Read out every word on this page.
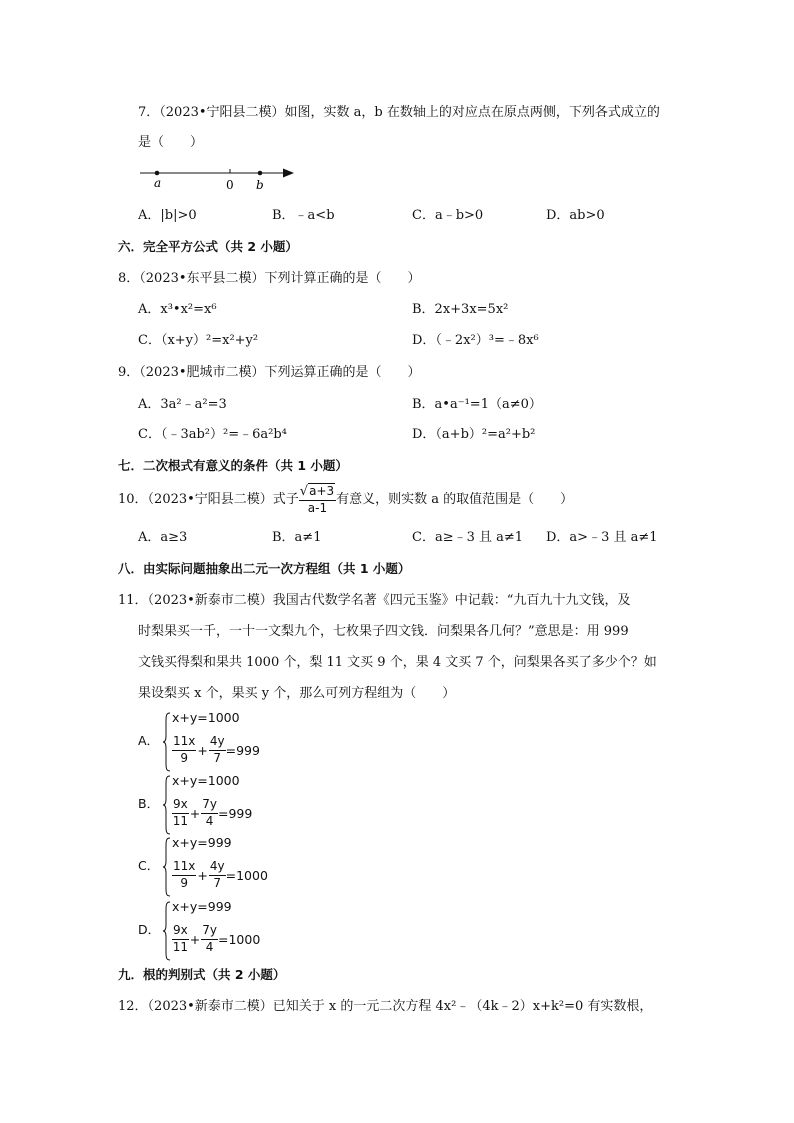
7．（2023•宁阳县二模）如图，实数 a，b 在数轴上的对应点在原点两侧，下列各式成立的
是（　　）
a	0 b
A．|b|>0	B．﹣a<b	C．a﹣b>0	D．ab>0
六．完全平方公式（共 2 小题）
8．（2023•东平县二模）下列计算正确的是（　　）
A．x³•x²=x⁶	B．2x+3x=5x²
C．（x+y）²=x²+y²	D．（﹣2x²）³=﹣8x⁶
9．（2023•肥城市二模）下列运算正确的是（　　）
A．3a²﹣a²=3	B．a•a⁻¹=1（a≠0）
C．（﹣3ab²）²=﹣6a²b⁴	D．（a+b）²=a²+b²
七．二次根式有意义的条件（共 1 小题）
10．（2023•宁阳县二模）式子 $\frac{√a+3}{a-1}$ 有意义，则实数 a 的取值范围是（　　）
A．a≥3	B．a≠1	C．a≥﹣3 且 a≠1 D．a>﹣3 且 a≠1
八．由实际问题抽象出二元一次方程组（共 1 小题）
11．（2023•新泰市二模）我国古代数学名著《四元玉鉴》中记载：“九百九十九文钱，及
时梨果买一千，一十一文梨九个，七枚果子四文钱．问梨果各几何？”意思是：用 999
文钱买得梨和果共 1000 个，梨 11 文买 9 个，果 4 文买 7 个，问梨果各买了多少个？如
果设梨买 x 个，果买 y 个，那么可列方程组为（　　）
A．
x+y=1000
$\frac{11x}{9} + \frac{4y}{7} =999$
B．
x+y=1000
$\frac{9x}{11} + \frac{7y}{4} =999$
C．
x+y=999
$\frac{11x}{9} + \frac{4y}{7} =1000$
D．
x+y=999
$\frac{9x}{11} + \frac{7y}{4} =1000$
九．根的判别式（共 2 小题）
12．（2023•新泰市二模）已知关于 x 的一元二次方程 4x²﹣（4k﹣2）x+k²=0 有实数根，
